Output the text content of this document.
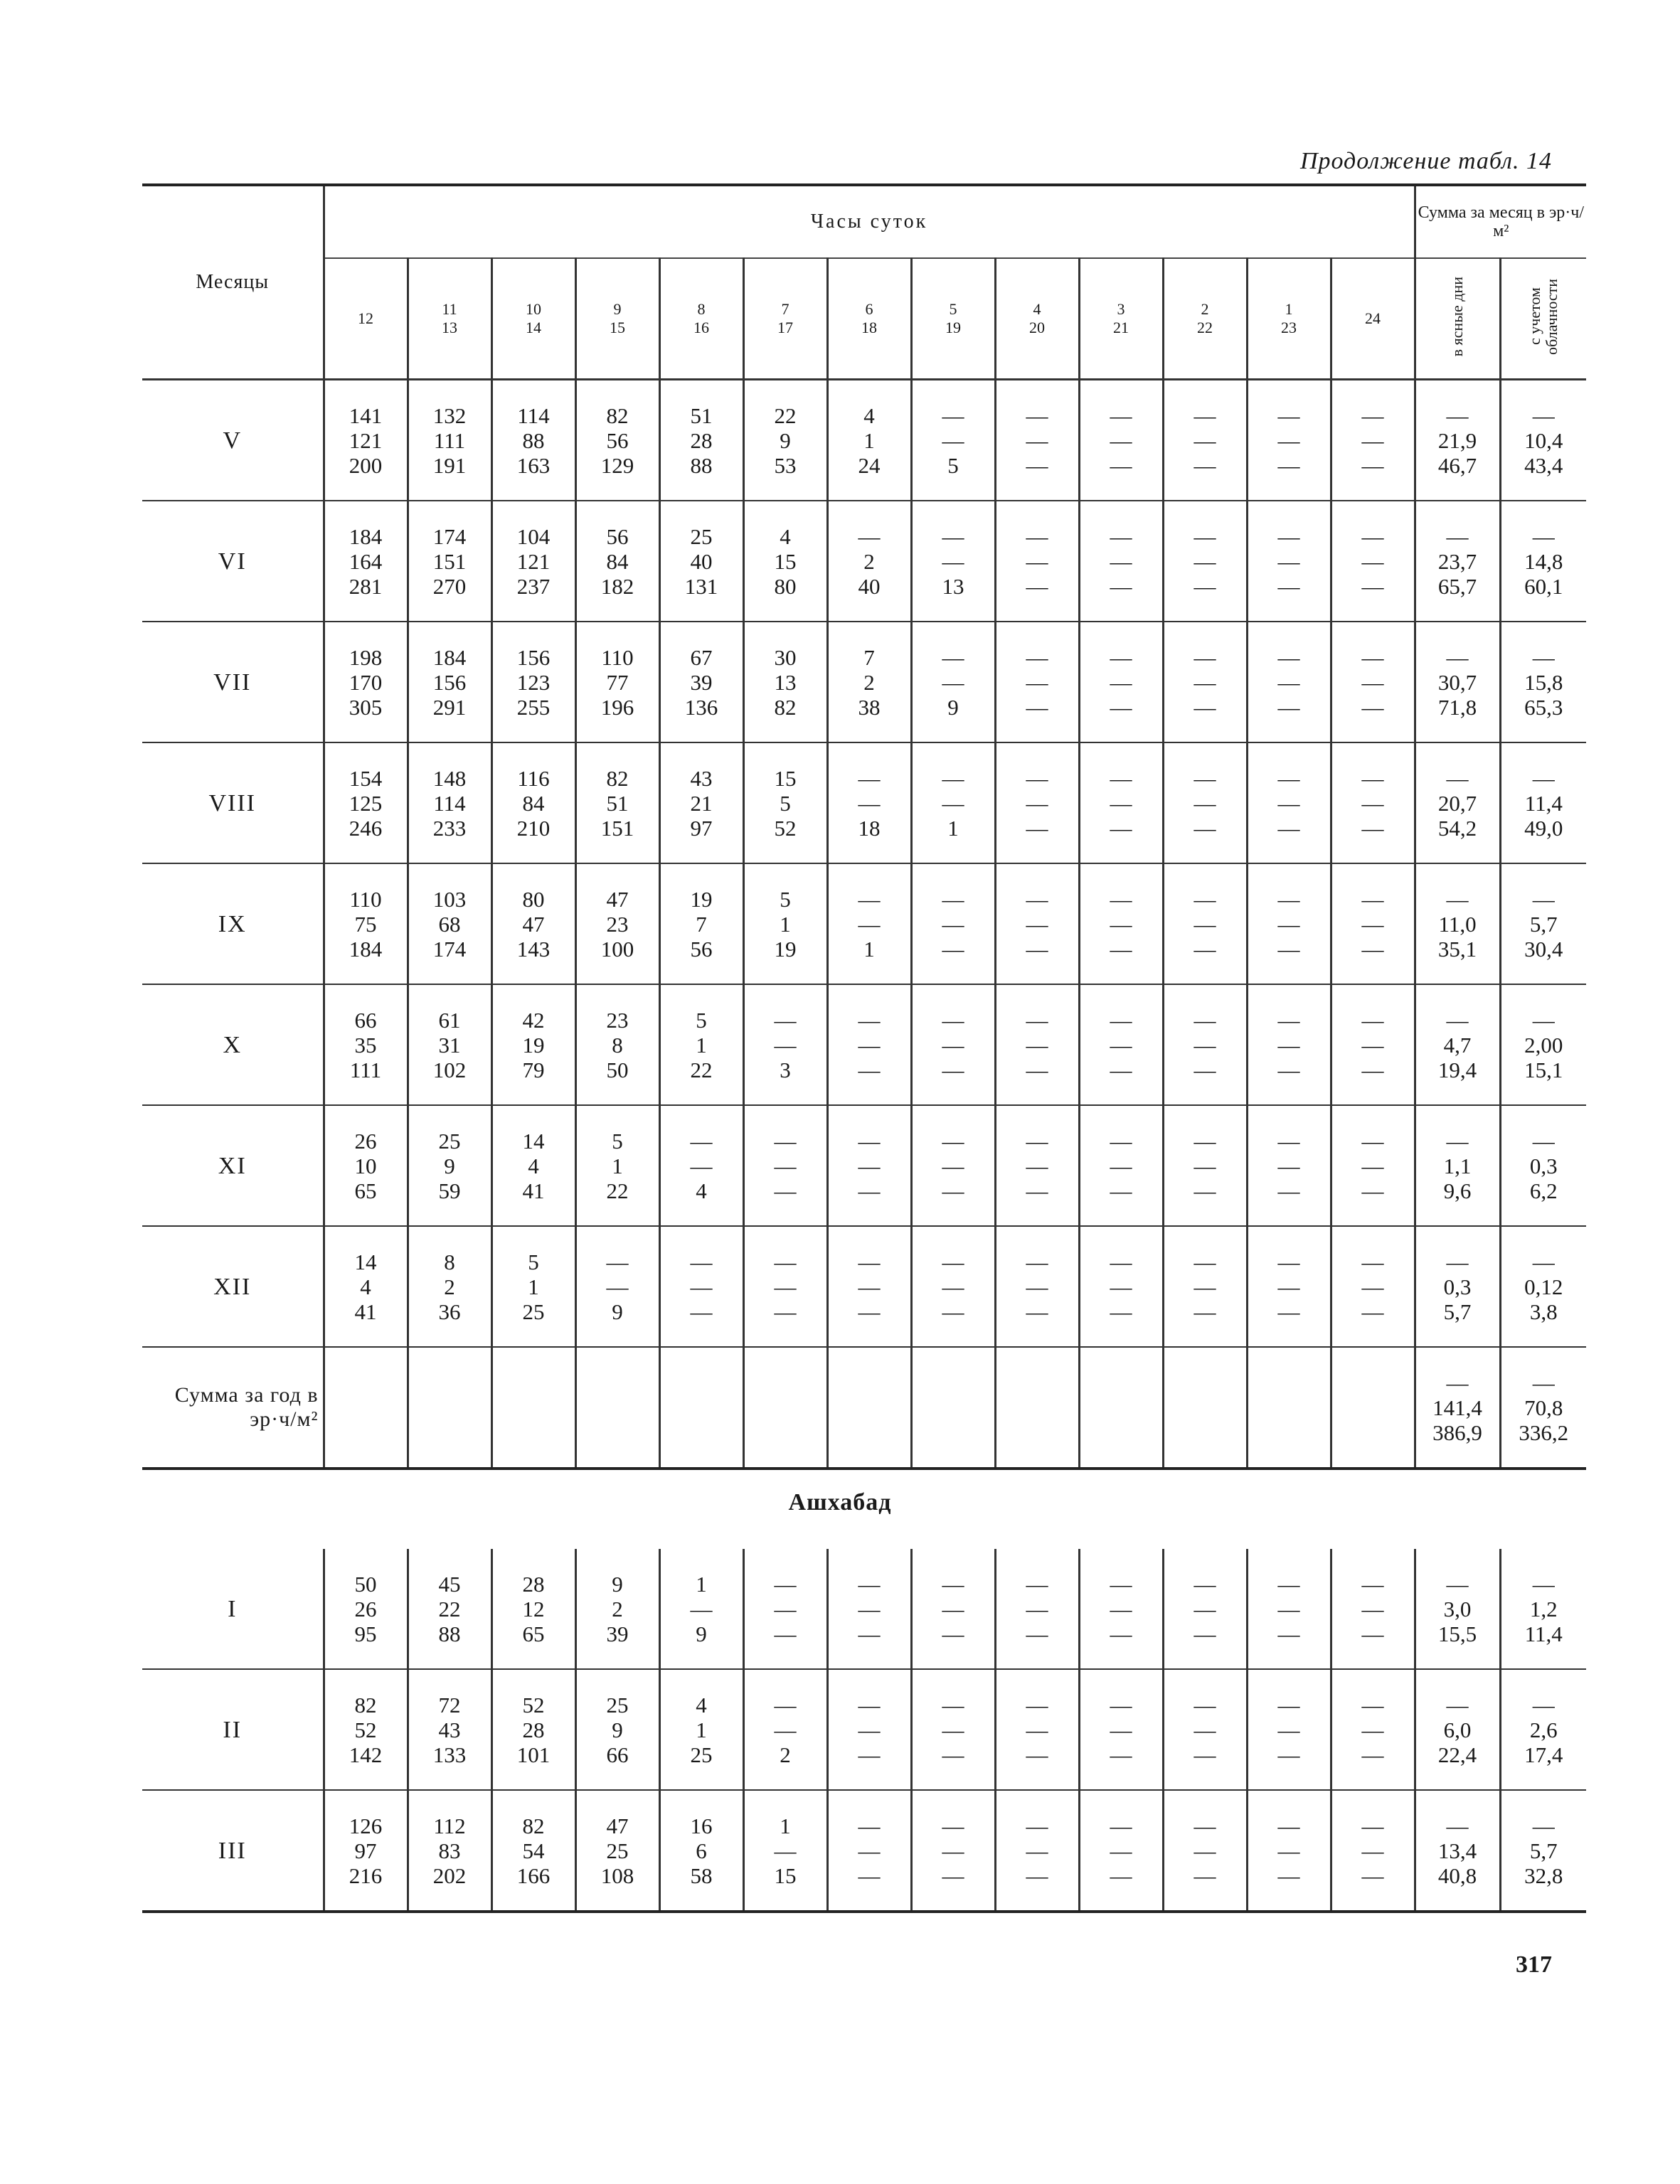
Продолжение табл. 14
Месяцы	Часы суток													Сумма за месяц в эр·ч/м²	

	12	11
13	10
14	9
15	8
16	7
17	6
18	5
19	4
20	3
21	2
22	1
23	24	в ясные дни	с учетом облачности
V	141
121
200	132
111
191	114
88
163	82
56
129	51
28
88	22
9
53	4
1
24	—
—
5	—
—
—	—
—
—	—
—
—	—
—
—	—
—
—	—
21,9
46,7	—
10,4
43,4

VI	184
164
281	174
151
270	104
121
237	56
84
182	25
40
131	4
15
80	—
2
40	—
—
13	—
—
—	—
—
—	—
—
—	—
—
—	—
—
—	—
23,7
65,7	—
14,8
60,1

VII	198
170
305	184
156
291	156
123
255	110
77
196	67
39
136	30
13
82	7
2
38	—
—
9	—
—
—	—
—
—	—
—
—	—
—
—	—
—
—	—
30,7
71,8	—
15,8
65,3

VIII	154
125
246	148
114
233	116
84
210	82
51
151	43
21
97	15
5
52	—
—
18	—
—
1	—
—
—	—
—
—	—
—
—	—
—
—	—
—
—	—
20,7
54,2	—
11,4
49,0

IX	110
75
184	103
68
174	80
47
143	47
23
100	19
7
56	5
1
19	—
—
1	—
—
—	—
—
—	—
—
—	—
—
—	—
—
—	—
—
—	—
11,0
35,1	—
5,7
30,4

X	66
35
111	61
31
102	42
19
79	23
8
50	5
1
22	—
—
3	—
—
—	—
—
—	—
—
—	—
—
—	—
—
—	—
—
—	—
—
—	—
4,7
19,4	—
2,00
15,1

XI	26
10
65	25
9
59	14
4
41	5
1
22	—
—
4	—
—
—	—
—
—	—
—
—	—
—
—	—
—
—	—
—
—	—
—
—	—
—
—	—
1,1
9,6	—
0,3
6,2

XII	14
4
41	8
2
36	5
1
25	—
—
9	—
—
—	—
—
—	—
—
—	—
—
—	—
—
—	—
—
—	—
—
—	—
—
—	—
—
—	—
0,3
5,7	—
0,12
3,8

Сумма за год в эр·ч/м²														—
141,4
386,9	—
70,8
336,2
Ашхабад

I	50
26
95	45
22
88	28
12
65	9
2
39	1
—
9	—
—
—	—
—
—	—
—
—	—
—
—	—
—
—	—
—
—	—
—
—	—
—
—	—
3,0
15,5	—
1,2
11,4

II	82
52
142	72
43
133	52
28
101	25
9
66	4
1
25	—
—
2	—
—
—	—
—
—	—
—
—	—
—
—	—
—
—	—
—
—	—
—
—	—
6,0
22,4	—
2,6
17,4

III	126
97
216	112
83
202	82
54
166	47
25
108	16
6
58	1
—
15	—
—
—	—
—
—	—
—
—	—
—
—	—
—
—	—
—
—	—
—
—	—
13,4
40,8	—
5,7
32,8
317
